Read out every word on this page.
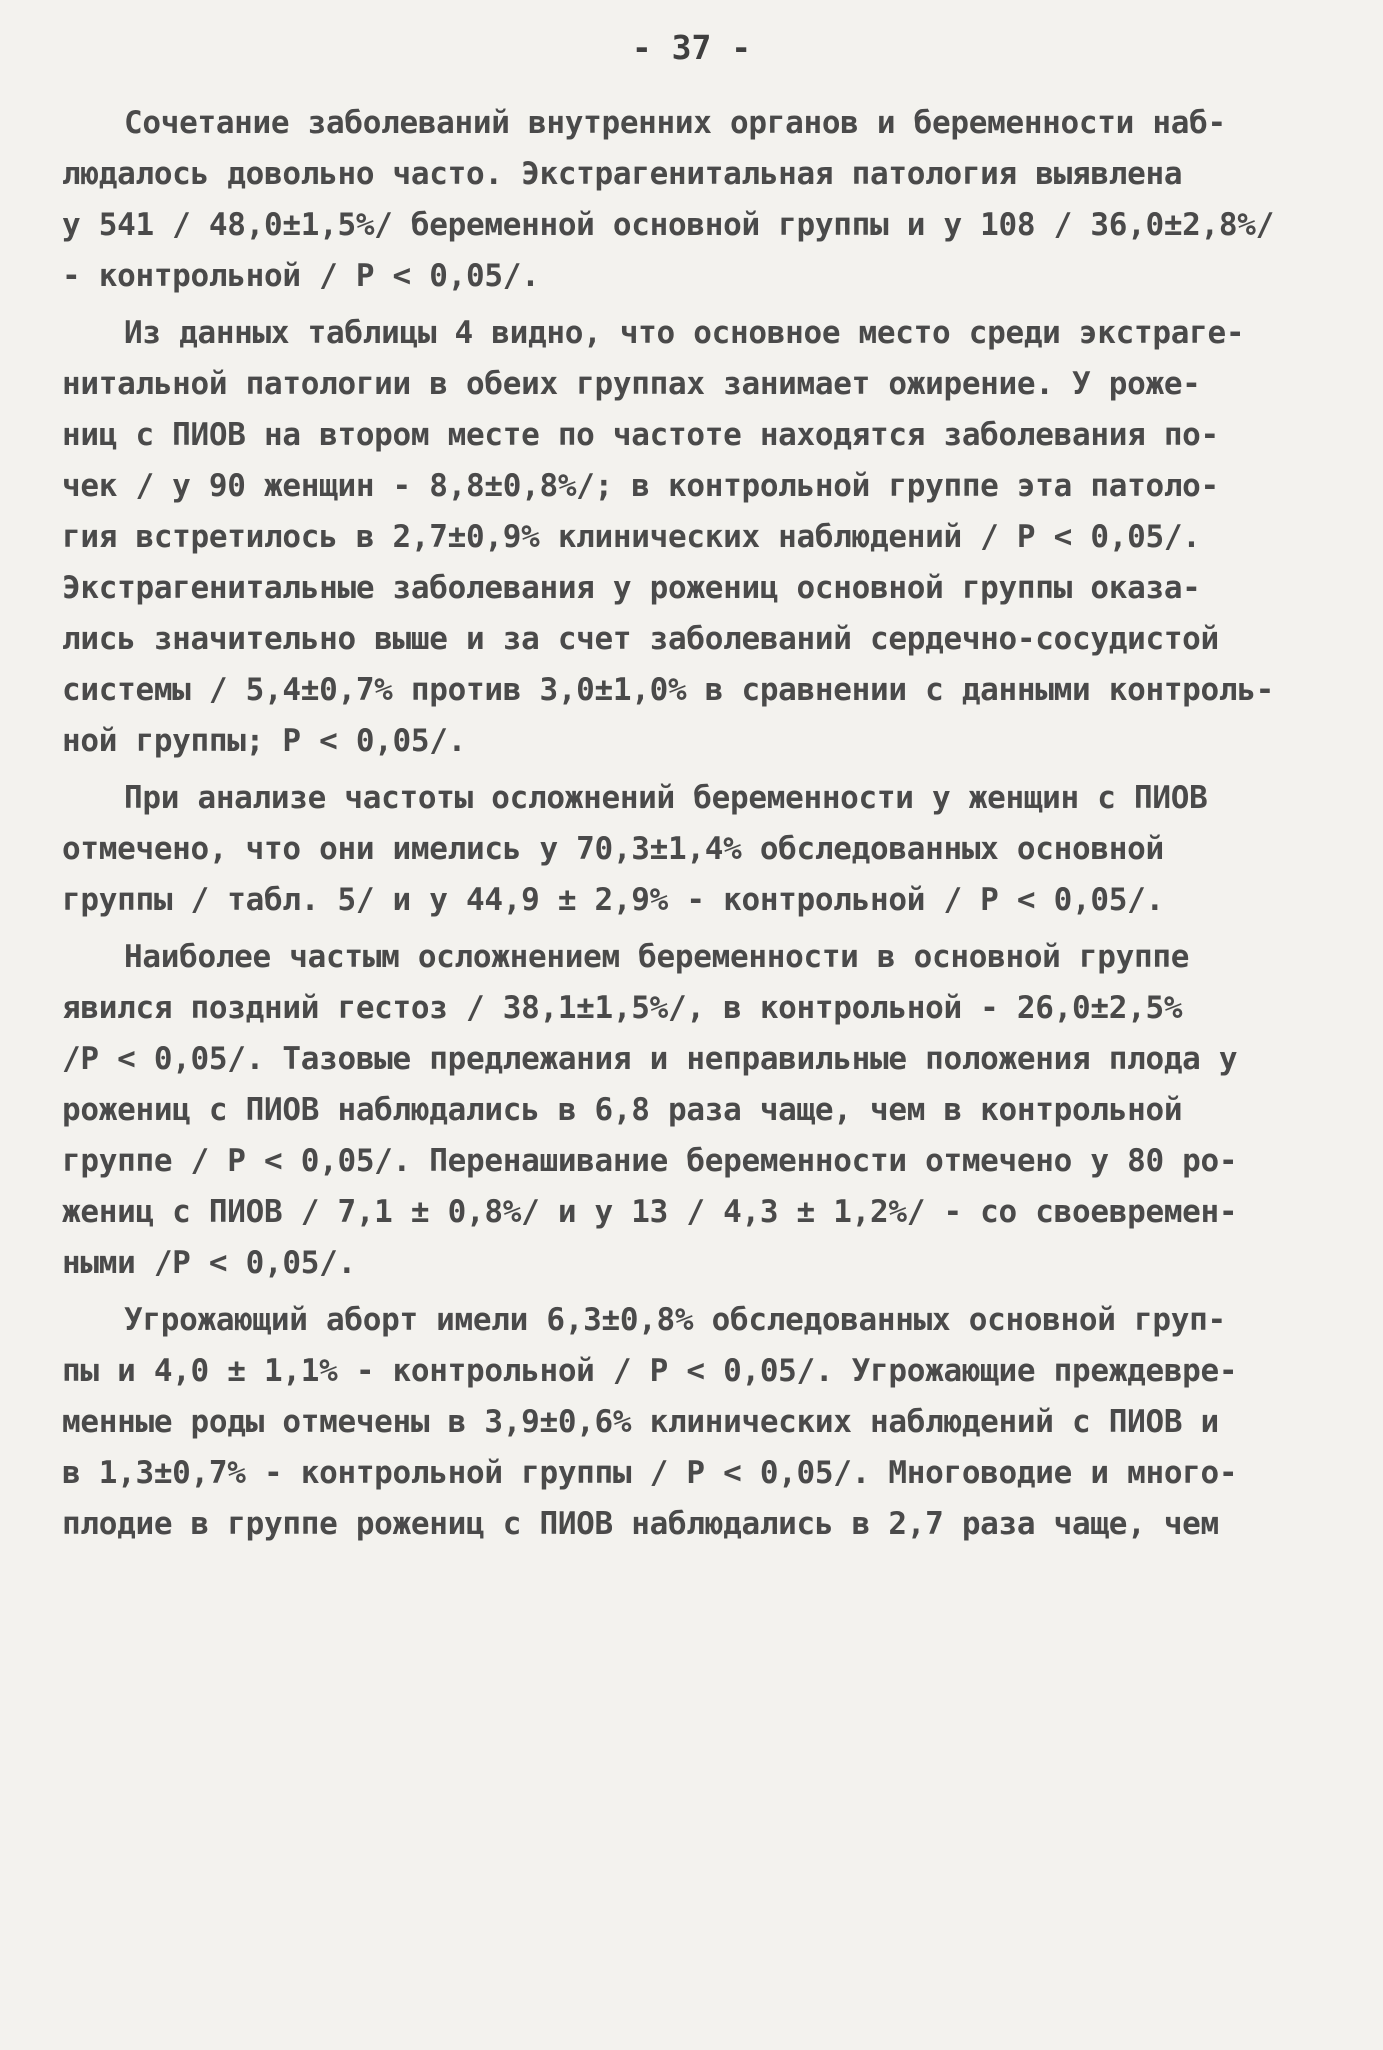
- 37 -
Сочетание заболеваний внутренних органов и беременности наб-
людалось довольно часто. Экстрагенитальная патология выявлена
у 541 / 48,0±1,5%/ беременной основной группы и у 108 / 36,0±2,8%/
- контрольной / Р < 0,05/.
Из данных таблицы 4 видно, что основное место среди экстраге-
нитальной патологии в обеих группах занимает ожирение. У роже-
ниц с ПИОВ на втором месте по частоте находятся заболевания по-
чек / у 90 женщин - 8,8±0,8%/; в контрольной группе эта патоло-
гия встретилось в 2,7±0,9% клинических наблюдений / Р < 0,05/.
Экстрагенитальные заболевания у рожениц основной группы оказа-
лись значительно выше и за счет заболеваний сердечно-сосудистой
системы / 5,4±0,7% против 3,0±1,0% в сравнении с данными контроль-
ной группы; Р < 0,05/.
При анализе частоты осложнений беременности у женщин с ПИОВ
отмечено, что они имелись у 70,3±1,4% обследованных основной
группы / табл. 5/ и у 44,9 ± 2,9% - контрольной / Р < 0,05/.
Наиболее частым осложнением беременности в основной группе
явился поздний гестоз / 38,1±1,5%/, в контрольной - 26,0±2,5%
/Р < 0,05/. Тазовые предлежания и неправильные положения плода у
рожениц с ПИОВ наблюдались в 6,8 раза чаще, чем в контрольной
группе / Р < 0,05/. Перенашивание беременности отмечено у 80 ро-
жениц с ПИОВ / 7,1 ± 0,8%/ и у 13 / 4,3 ± 1,2%/ - со своевремен-
ными /Р < 0,05/.
Угрожающий аборт имели 6,3±0,8% обследованных основной груп-
пы и 4,0 ± 1,1% - контрольной / Р < 0,05/. Угрожающие преждевре-
менные роды отмечены в 3,9±0,6% клинических наблюдений с ПИОВ и
в 1,3±0,7% - контрольной группы / Р < 0,05/. Многоводие и много-
плодие в группе рожениц с ПИОВ наблюдались в 2,7 раза чаще, чем
